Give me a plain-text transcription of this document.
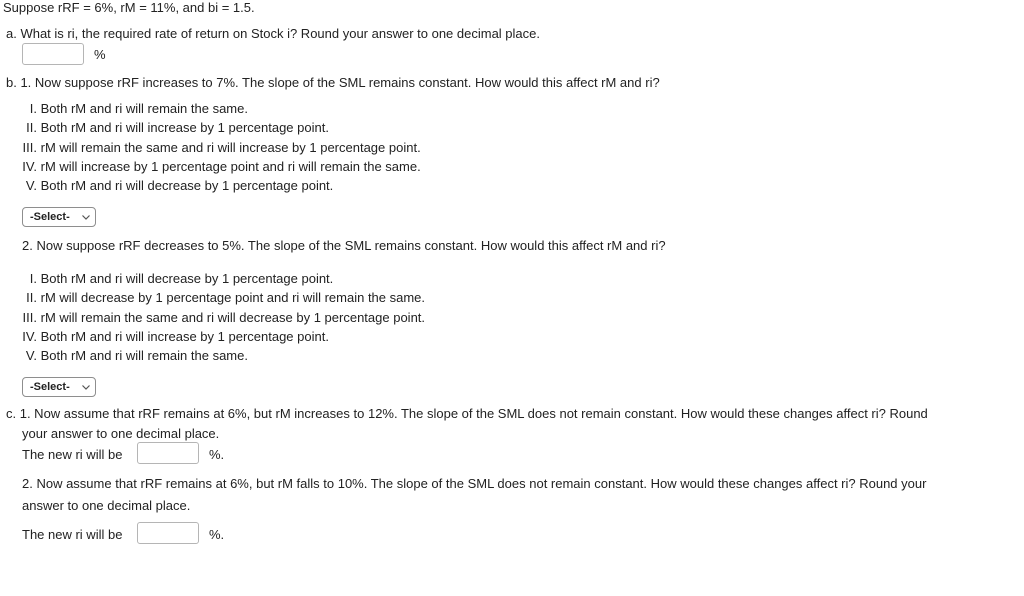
Suppose rRF = 6%, rM = 11%, and bi = 1.5.
a. What is ri, the required rate of return on Stock i? Round your answer to one decimal place.
%
b. 1. Now suppose rRF increases to 7%. The slope of the SML remains constant. How would this affect rM and ri?
I. Both rM and ri will remain the same.
II. Both rM and ri will increase by 1 percentage point.
III. rM will remain the same and ri will increase by 1 percentage point.
IV. rM will increase by 1 percentage point and ri will remain the same.
V. Both rM and ri will decrease by 1 percentage point.
-Select-
2. Now suppose rRF decreases to 5%. The slope of the SML remains constant. How would this affect rM and ri?
I. Both rM and ri will decrease by 1 percentage point.
II. rM will decrease by 1 percentage point and ri will remain the same.
III. rM will remain the same and ri will decrease by 1 percentage point.
IV. Both rM and ri will increase by 1 percentage point.
V. Both rM and ri will remain the same.
-Select-
c. 1. Now assume that rRF remains at 6%, but rM increases to 12%. The slope of the SML does not remain constant. How would these changes affect ri? Round
your answer to one decimal place.
The new ri will be	%.
2. Now assume that rRF remains at 6%, but rM falls to 10%. The slope of the SML does not remain constant. How would these changes affect ri? Round your
answer to one decimal place.
The new ri will be	%.
